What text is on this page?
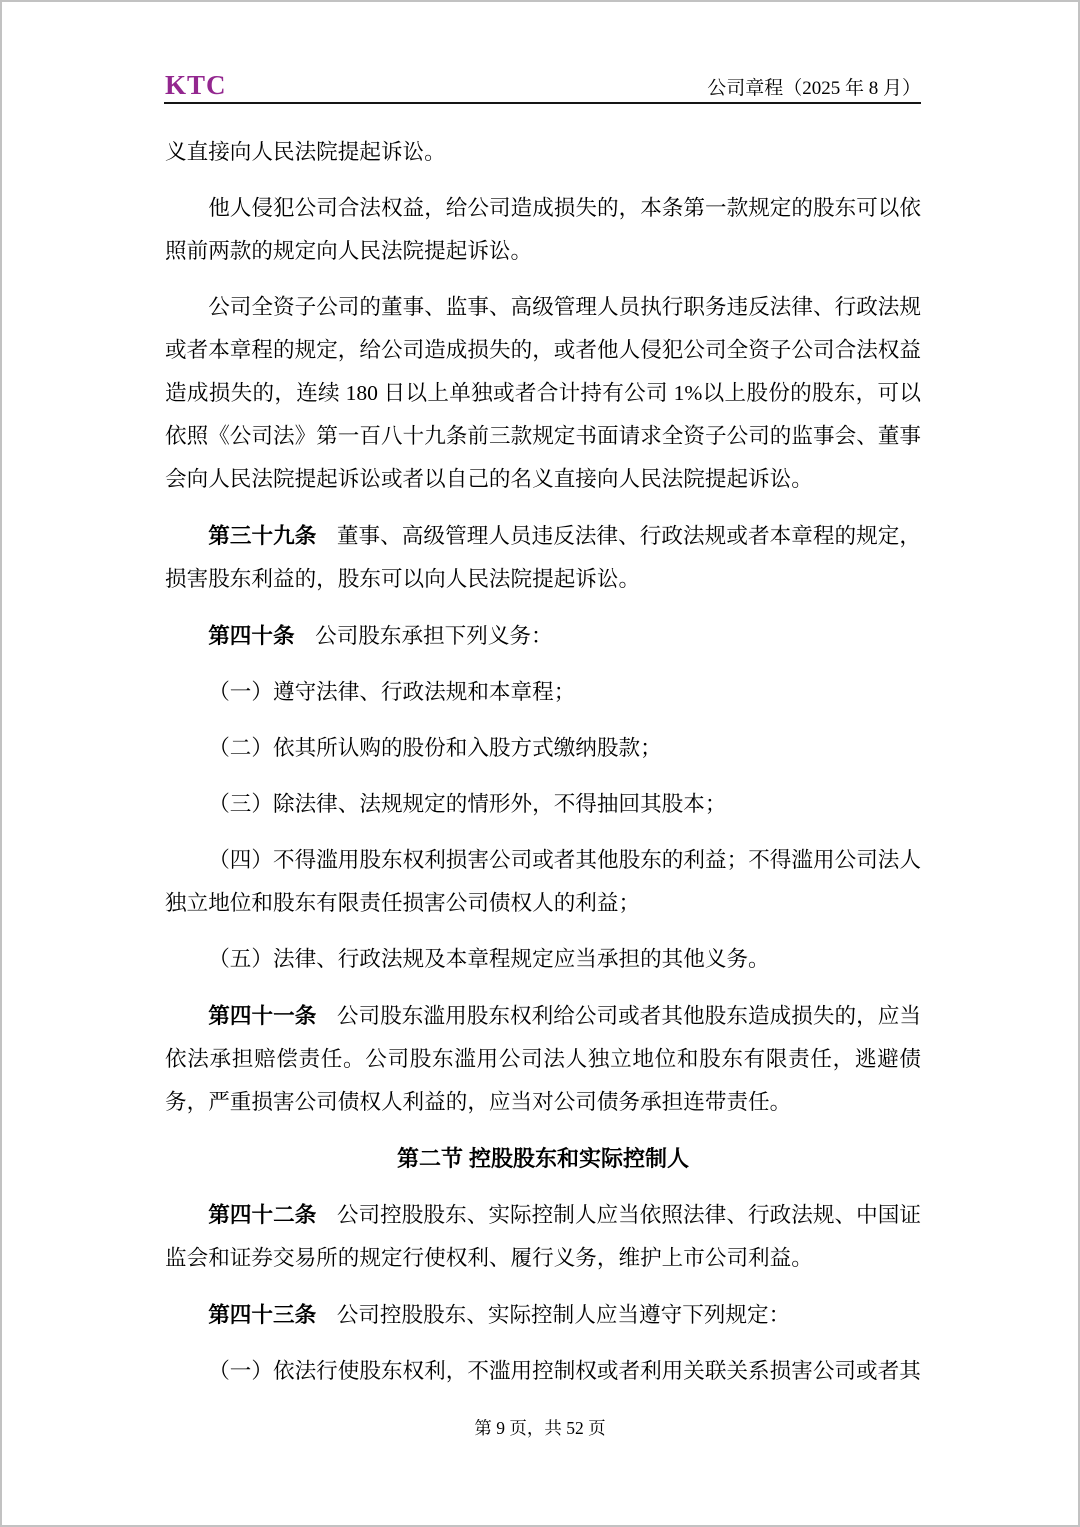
KTC	公司章程（2025 年 8 月）

义直接向人民法院提起诉讼。

他人侵犯公司合法权益，给公司造成损失的，本条第一款规定的股东可以依照前两款的规定向人民法院提起诉讼。

公司全资子公司的董事、监事、高级管理人员执行职务违反法律、行政法规或者本章程的规定，给公司造成损失的，或者他人侵犯公司全资子公司合法权益造成损失的，连续 180 日以上单独或者合计持有公司 1%以上股份的股东，可以依照《公司法》第一百八十九条前三款规定书面请求全资子公司的监事会、董事会向人民法院提起诉讼或者以自己的名义直接向人民法院提起诉讼。

第三十九条 董事、高级管理人员违反法律、行政法规或者本章程的规定，损害股东利益的，股东可以向人民法院提起诉讼。

第四十条 公司股东承担下列义务：

（一）遵守法律、行政法规和本章程；

（二）依其所认购的股份和入股方式缴纳股款；

（三）除法律、法规规定的情形外，不得抽回其股本；

（四）不得滥用股东权利损害公司或者其他股东的利益；不得滥用公司法人独立地位和股东有限责任损害公司债权人的利益；

（五）法律、行政法规及本章程规定应当承担的其他义务。

第四十一条 公司股东滥用股东权利给公司或者其他股东造成损失的，应当依法承担赔偿责任。公司股东滥用公司法人独立地位和股东有限责任，逃避债务，严重损害公司债权人利益的，应当对公司债务承担连带责任。

第二节 控股股东和实际控制人

第四十二条 公司控股股东、实际控制人应当依照法律、行政法规、中国证监会和证券交易所的规定行使权利、履行义务，维护上市公司利益。

第四十三条 公司控股股东、实际控制人应当遵守下列规定：

（一）依法行使股东权利，不滥用控制权或者利用关联关系损害公司或者其

第 9 页，共 52 页
